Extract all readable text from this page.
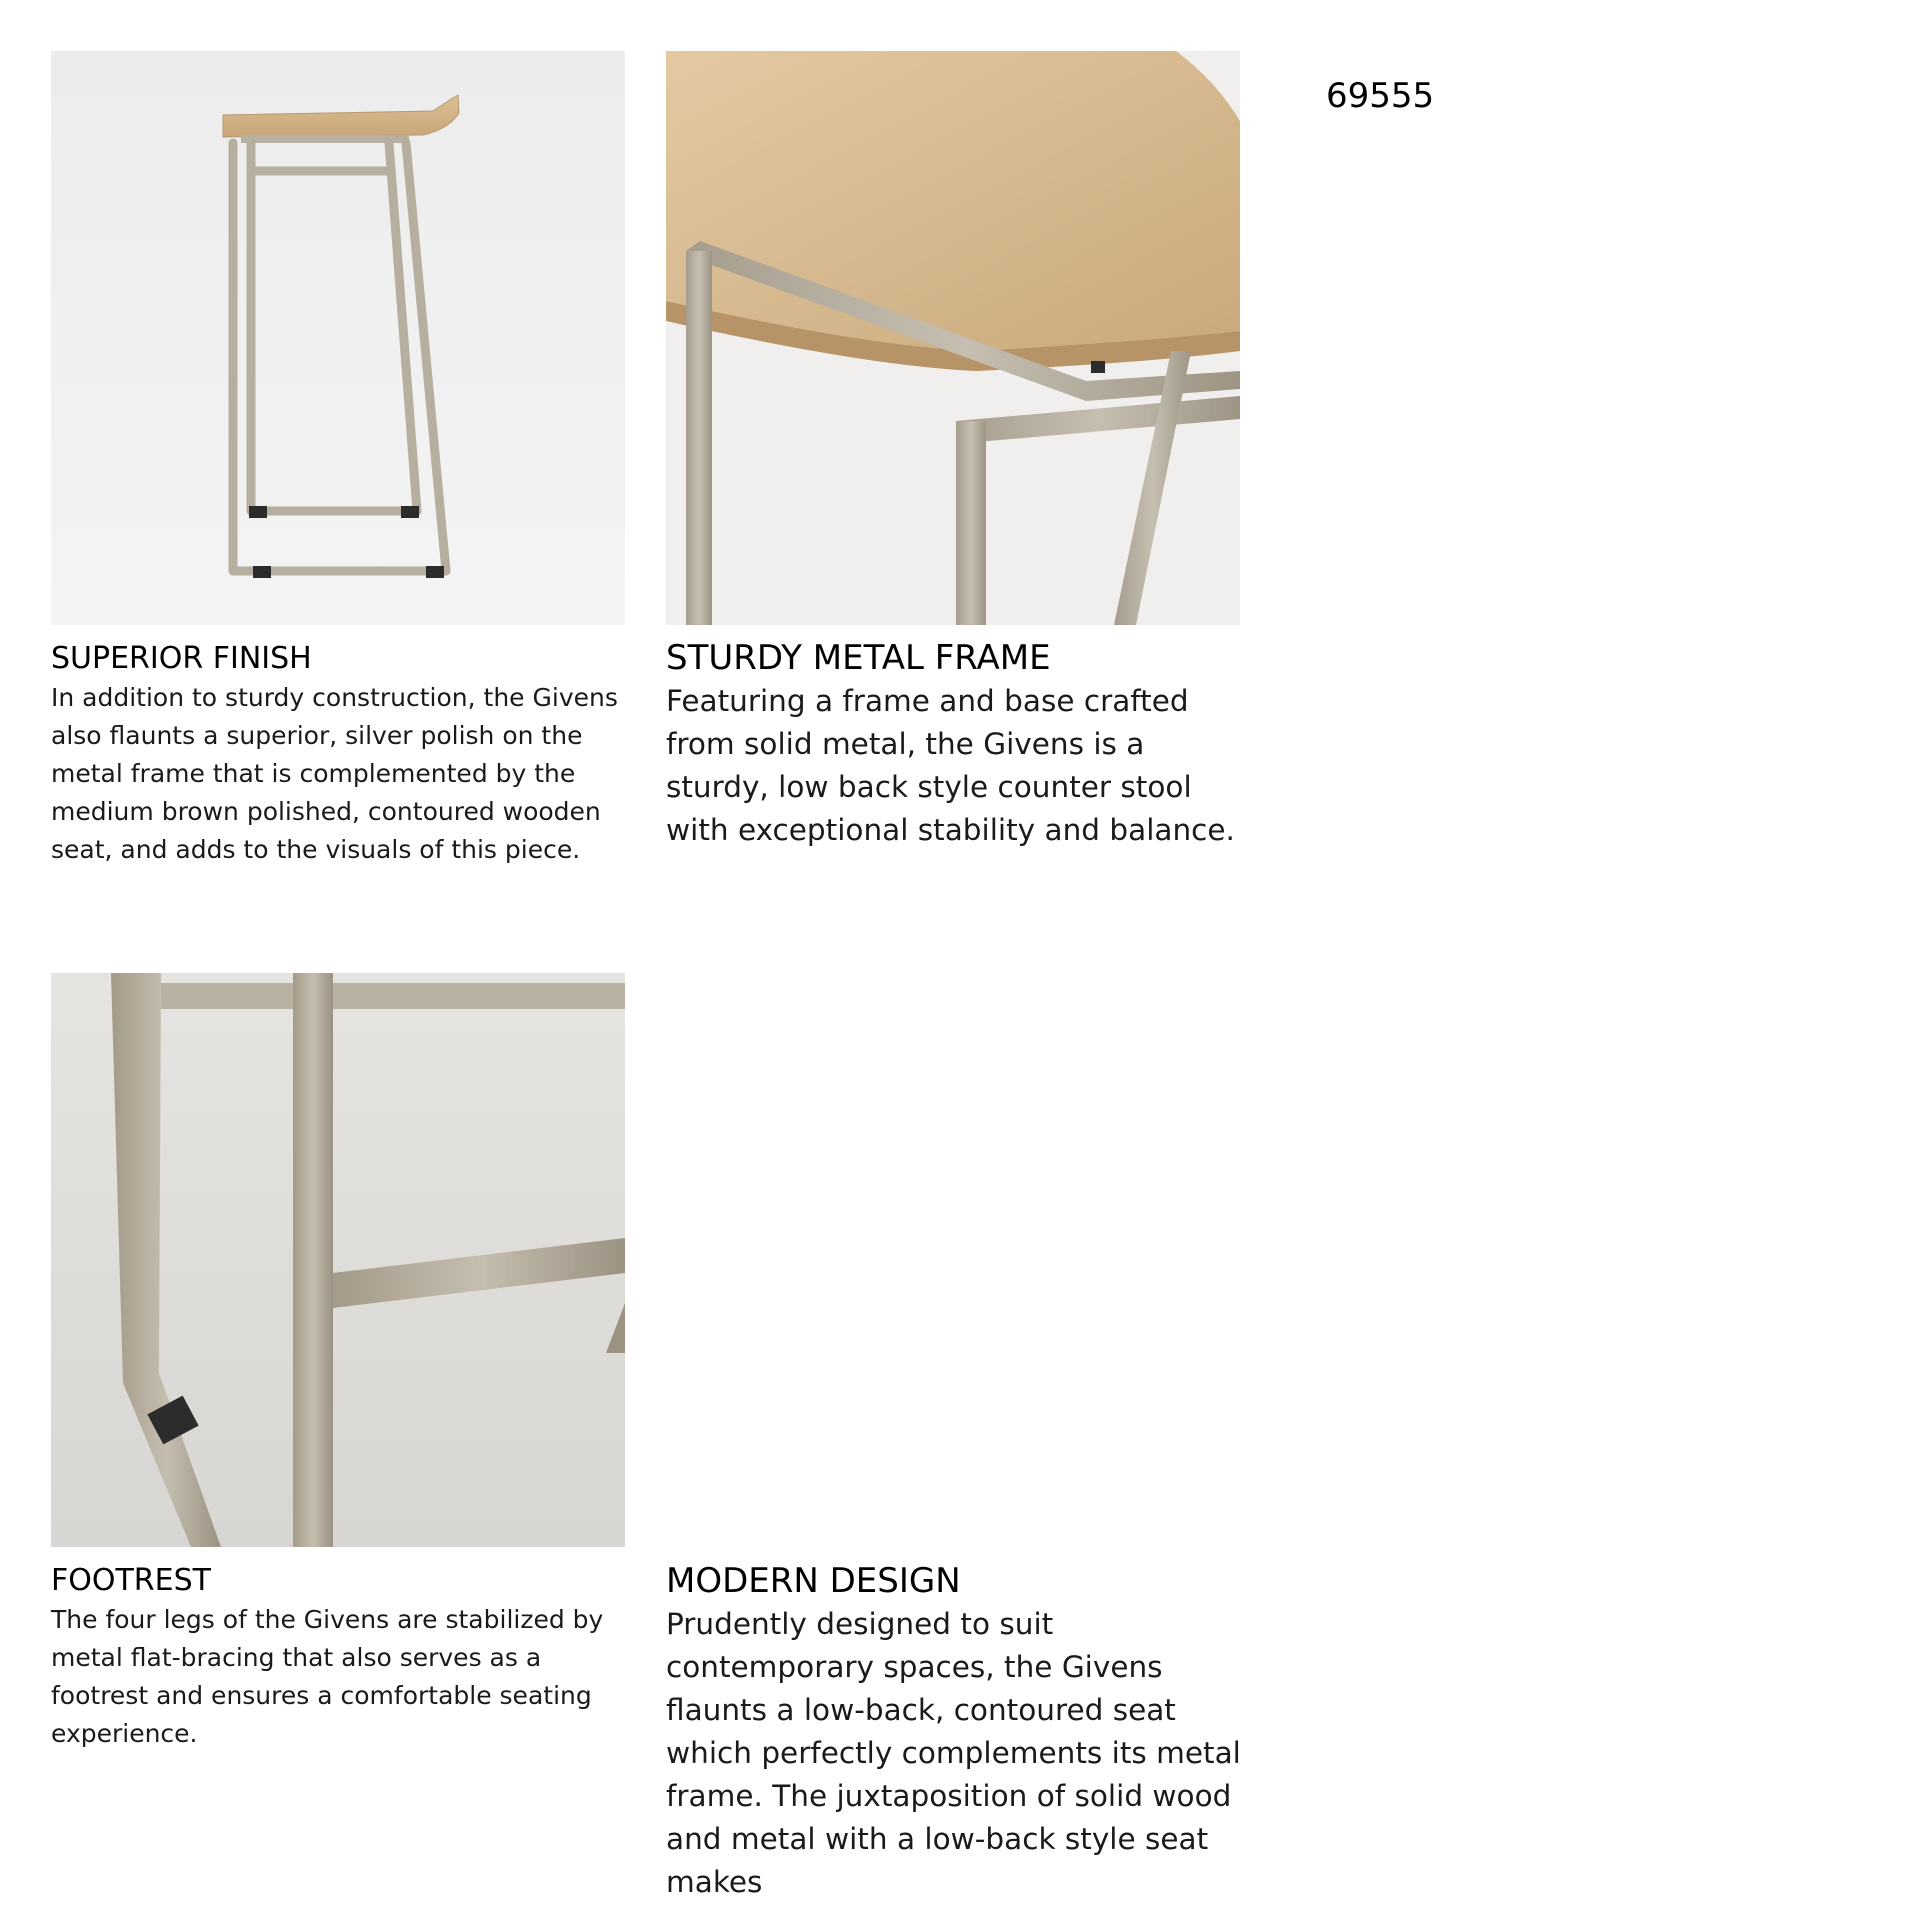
69555
SUPERIOR FINISH

In addition to sturdy construction, the Givens also flaunts a superior, silver polish on the metal frame that is complemented by the medium brown polished, contoured wooden seat, and adds to the visuals of this piece.

STURDY METAL FRAME

Featuring a frame and base crafted from solid metal, the Givens is a sturdy, low back style counter stool with exceptional stability and balance.

FOOTREST

The four legs of the Givens are stabilized by metal flat-bracing that also serves as a footrest and ensures a comfortable seating experience.

MODERN DESIGN

Prudently designed to suit contemporary spaces, the Givens flaunts a low-back, contoured seat which perfectly complements its metal frame. The juxtaposition of solid wood and metal with a low-back style seat makes
